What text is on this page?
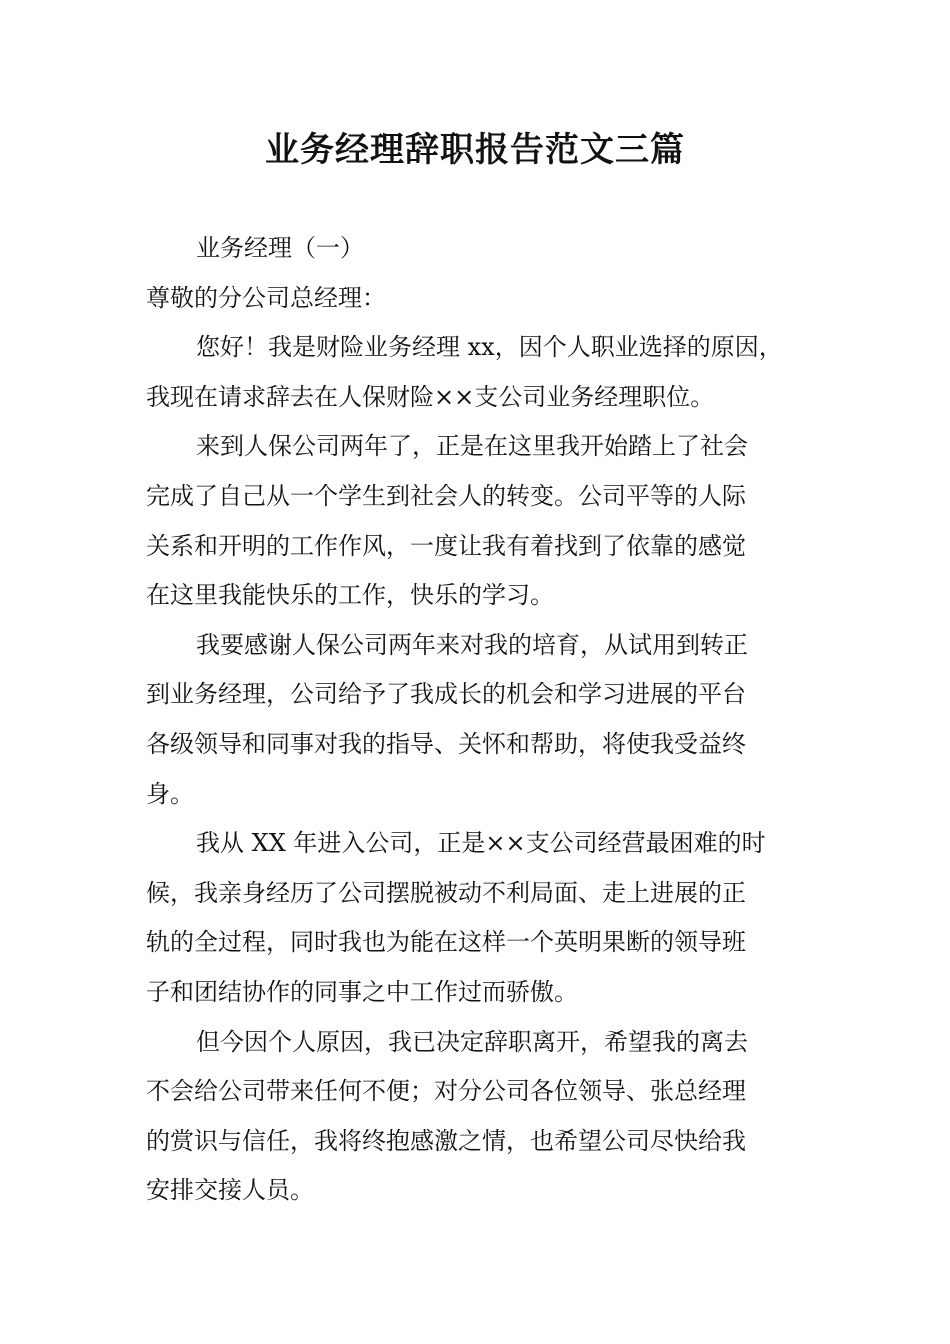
业务经理辞职报告范文三篇
业务经理（一）
尊敬的分公司总经理：
您好！我是财险业务经理 xx，因个人职业选择的原因，
我现在请求辞去在人保财险××支公司业务经理职位。
来到人保公司两年了，正是在这里我开始踏上了社会
完成了自己从一个学生到社会人的转变。公司平等的人际
关系和开明的工作作风，一度让我有着找到了依靠的感觉
在这里我能快乐的工作，快乐的学习。
我要感谢人保公司两年来对我的培育，从试用到转正
到业务经理，公司给予了我成长的机会和学习进展的平台
各级领导和同事对我的指导、关怀和帮助，将使我受益终
身。
我从 XX 年进入公司，正是××支公司经营最困难的时
候，我亲身经历了公司摆脱被动不利局面、走上进展的正
轨的全过程，同时我也为能在这样一个英明果断的领导班
子和团结协作的同事之中工作过而骄傲。
但今因个人原因，我已决定辞职离开，希望我的离去
不会给公司带来任何不便；对分公司各位领导、张总经理
的赏识与信任，我将终抱感激之情，也希望公司尽快给我
安排交接人员。
